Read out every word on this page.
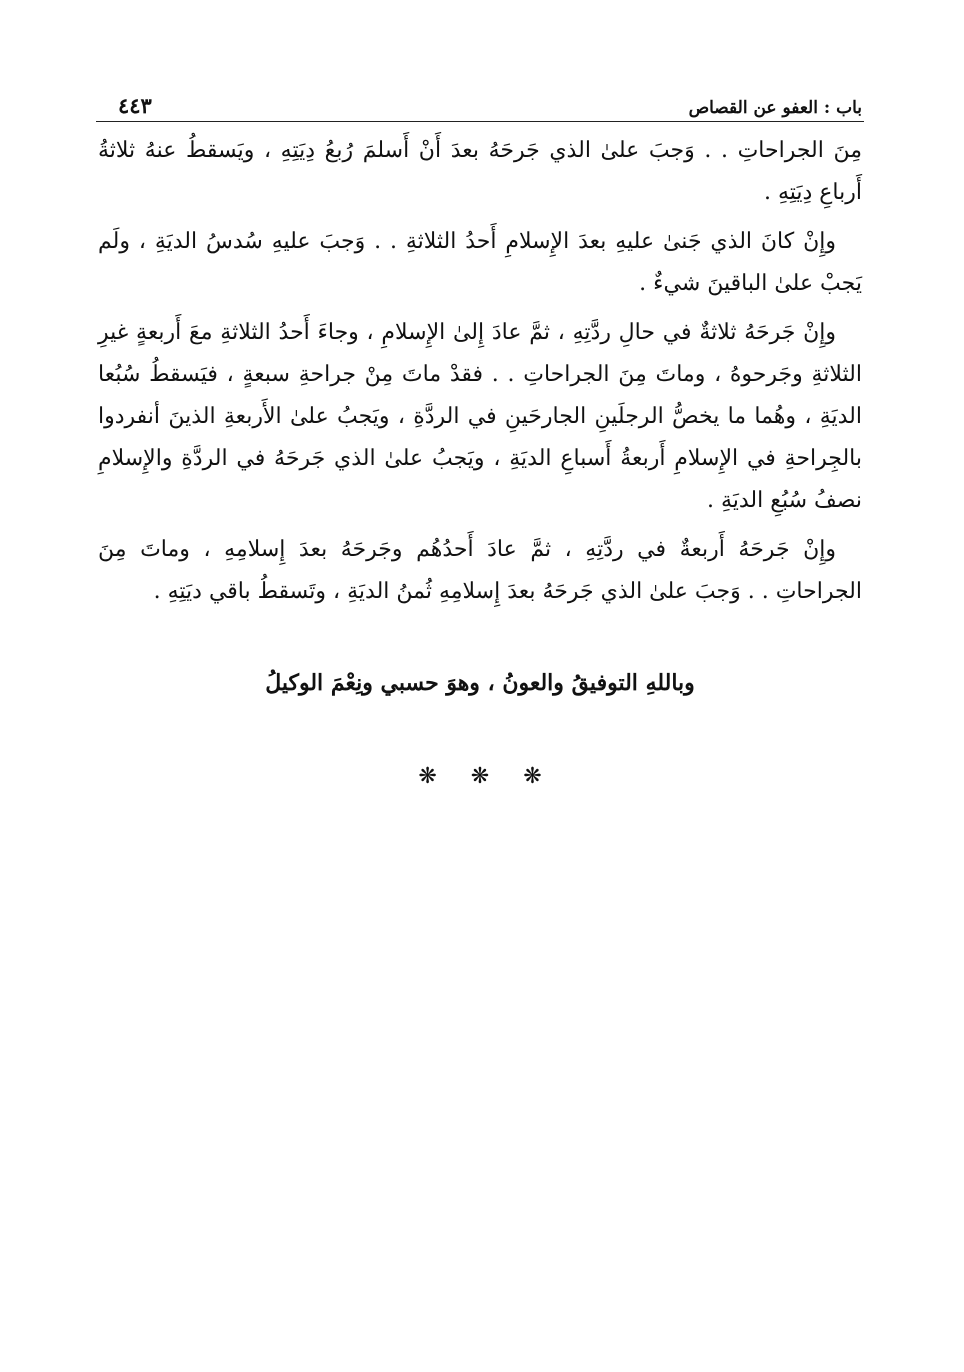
باب : العفو عن القصاص
٤٤٣

مِنَ الجراحاتِ . . وَجبَ علىٰ الذي جَرحَهُ بعدَ أَنْ أَسلمَ رُبعُ دِيَتِهِ ، ويَسقطُ عنهُ ثلاثةُ أَرباعِ دِيَتِهِ .

وإِنْ كانَ الذي جَنىٰ عليهِ بعدَ الإِسلامِ أَحدُ الثلاثةِ . . وَجبَ عليهِ سُدسُ الديَةِ ، ولَم يَجبْ علىٰ الباقينَ شيءٌ .

وإِنْ جَرحَهُ ثلاثةٌ في حالِ ردَّتِهِ ، ثمَّ عادَ إِلىٰ الإِسلامِ ، وجاءَ أَحدُ الثلاثةِ معَ أَربعةٍ غيرِ الثلاثةِ وجَرحوهُ ، وماتَ مِنَ الجراحاتِ . . فقدْ ماتَ مِنْ جراحةِ سبعةٍ ، فيَسقطُ سُبُعا الديَةِ ، وهُما ما يخصُّ الرجلَينِ الجارحَينِ في الردَّةِ ، ويَجبُ علىٰ الأَربعةِ الذينَ أنفردوا بالجِراحةِ في الإِسلامِ أَربعةُ أَسباعِ الديَةِ ، ويَجبُ علىٰ الذي جَرحَهُ في الردَّةِ والإِسلامِ نصفُ سُبُعِ الديَةِ .

وإِنْ جَرحَهُ أَربعةٌ في ردَّتِهِ ، ثمَّ عادَ أَحدُهُم وجَرحَهُ بعدَ إِسلامِهِ ، وماتَ مِنَ الجراحاتِ . . وَجبَ علىٰ الذي جَرحَهُ بعدَ إِسلامِهِ ثُمنُ الديَةِ ، وتَسقطُ باقي ديَتِهِ .

وباللهِ التوفيقُ والعونُ ، وهوَ حسبي ونِعْمَ الوكيلُ
❋ ❋ ❋
